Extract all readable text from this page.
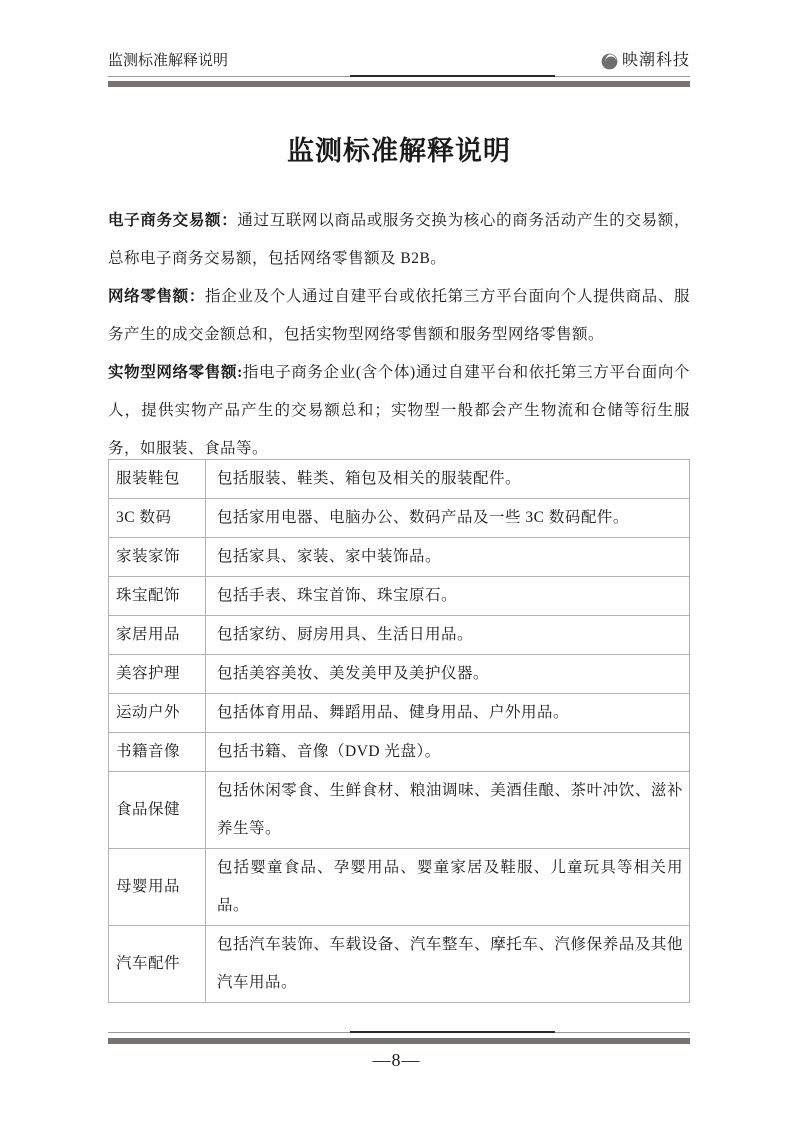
监测标准解释说明	映潮科技
监测标准解释说明

电子商务交易额：通过互联网以商品或服务交换为核心的商务活动产生的交易额，总称电子商务交易额，包括网络零售额及 B2B。

网络零售额：指企业及个人通过自建平台或依托第三方平台面向个人提供商品、服务产生的成交金额总和，包括实物型网络零售额和服务型网络零售额。

实物型网络零售额:指电子商务企业(含个体)通过自建平台和依托第三方平台面向个人，提供实物产品产生的交易额总和；实物型一般都会产生物流和仓储等衍生服务，如服装、食品等。

服装鞋包	包括服装、鞋类、箱包及相关的服装配件。
3C 数码	包括家用电器、电脑办公、数码产品及一些 3C 数码配件。
家装家饰	包括家具、家装、家中装饰品。
珠宝配饰	包括手表、珠宝首饰、珠宝原石。
家居用品	包括家纺、厨房用具、生活日用品。
美容护理	包括美容美妆、美发美甲及美护仪器。
运动户外	包括体育用品、舞蹈用品、健身用品、户外用品。
书籍音像	包括书籍、音像（DVD 光盘）。
食品保健	包括休闲零食、生鲜食材、粮油调味、美酒佳酿、茶叶冲饮、滋补养生等。
母婴用品	包括婴童食品、孕婴用品、婴童家居及鞋服、儿童玩具等相关用品。
汽车配件	包括汽车装饰、车载设备、汽车整车、摩托车、汽修保养品及其他汽车用品。
—8—
